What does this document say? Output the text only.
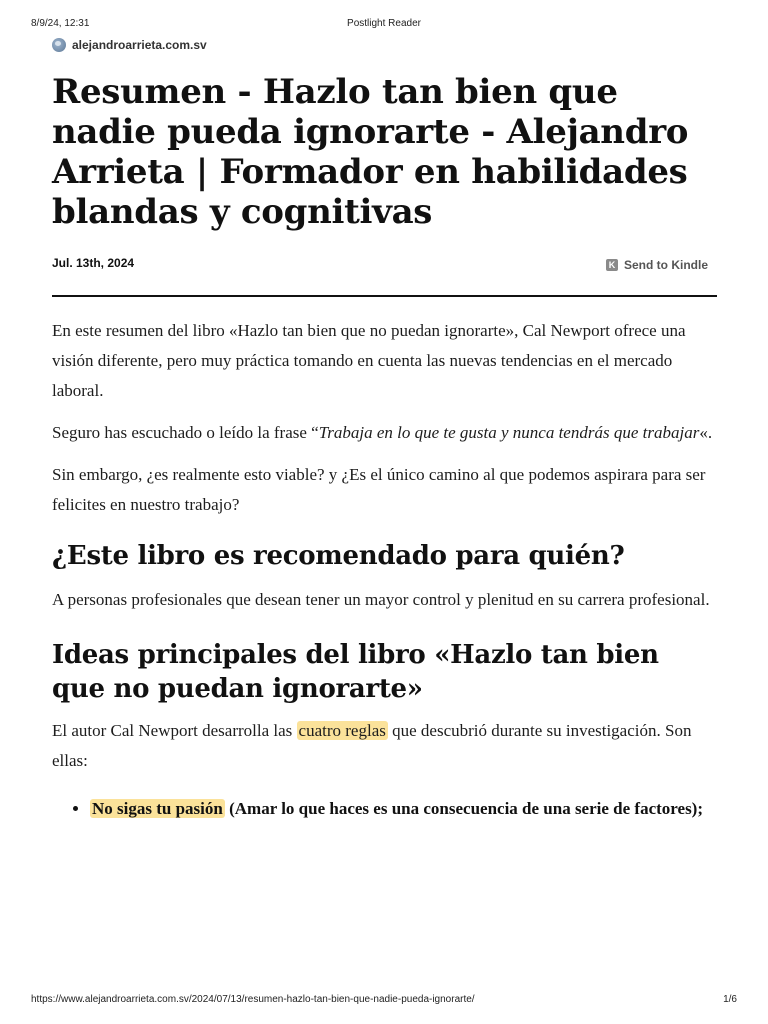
8/9/24, 12:31	Postlight Reader
alejandroarrieta.com.sv
Resumen - Hazlo tan bien que nadie pueda ignorarte - Alejandro Arrieta | Formador en habilidades blandas y cognitivas
Jul. 13th, 2024	K Send to Kindle

En este resumen del libro «Hazlo tan bien que no puedan ignorarte», Cal Newport ofrece una visión diferente, pero muy práctica tomando en cuenta las nuevas tendencias en el mercado laboral.

Seguro has escuchado o leído la frase “Trabaja en lo que te gusta y nunca tendrás que trabajar«.

Sin embargo, ¿es realmente esto viable? y ¿Es el único camino al que podemos aspirara para ser felicites en nuestro trabajo?

¿Este libro es recomendado para quién?

A personas profesionales que desean tener un mayor control y plenitud en su carrera profesional.

Ideas principales del libro «Hazlo tan bien que no puedan ignorarte»

El autor Cal Newport desarrolla las cuatro reglas que descubrió durante su investigación. Son ellas:

• No sigas tu pasión (Amar lo que haces es una consecuencia de una serie de factores);
https://www.alejandroarrieta.com.sv/2024/07/13/resumen-hazlo-tan-bien-que-nadie-pueda-ignorarte/	1/6
